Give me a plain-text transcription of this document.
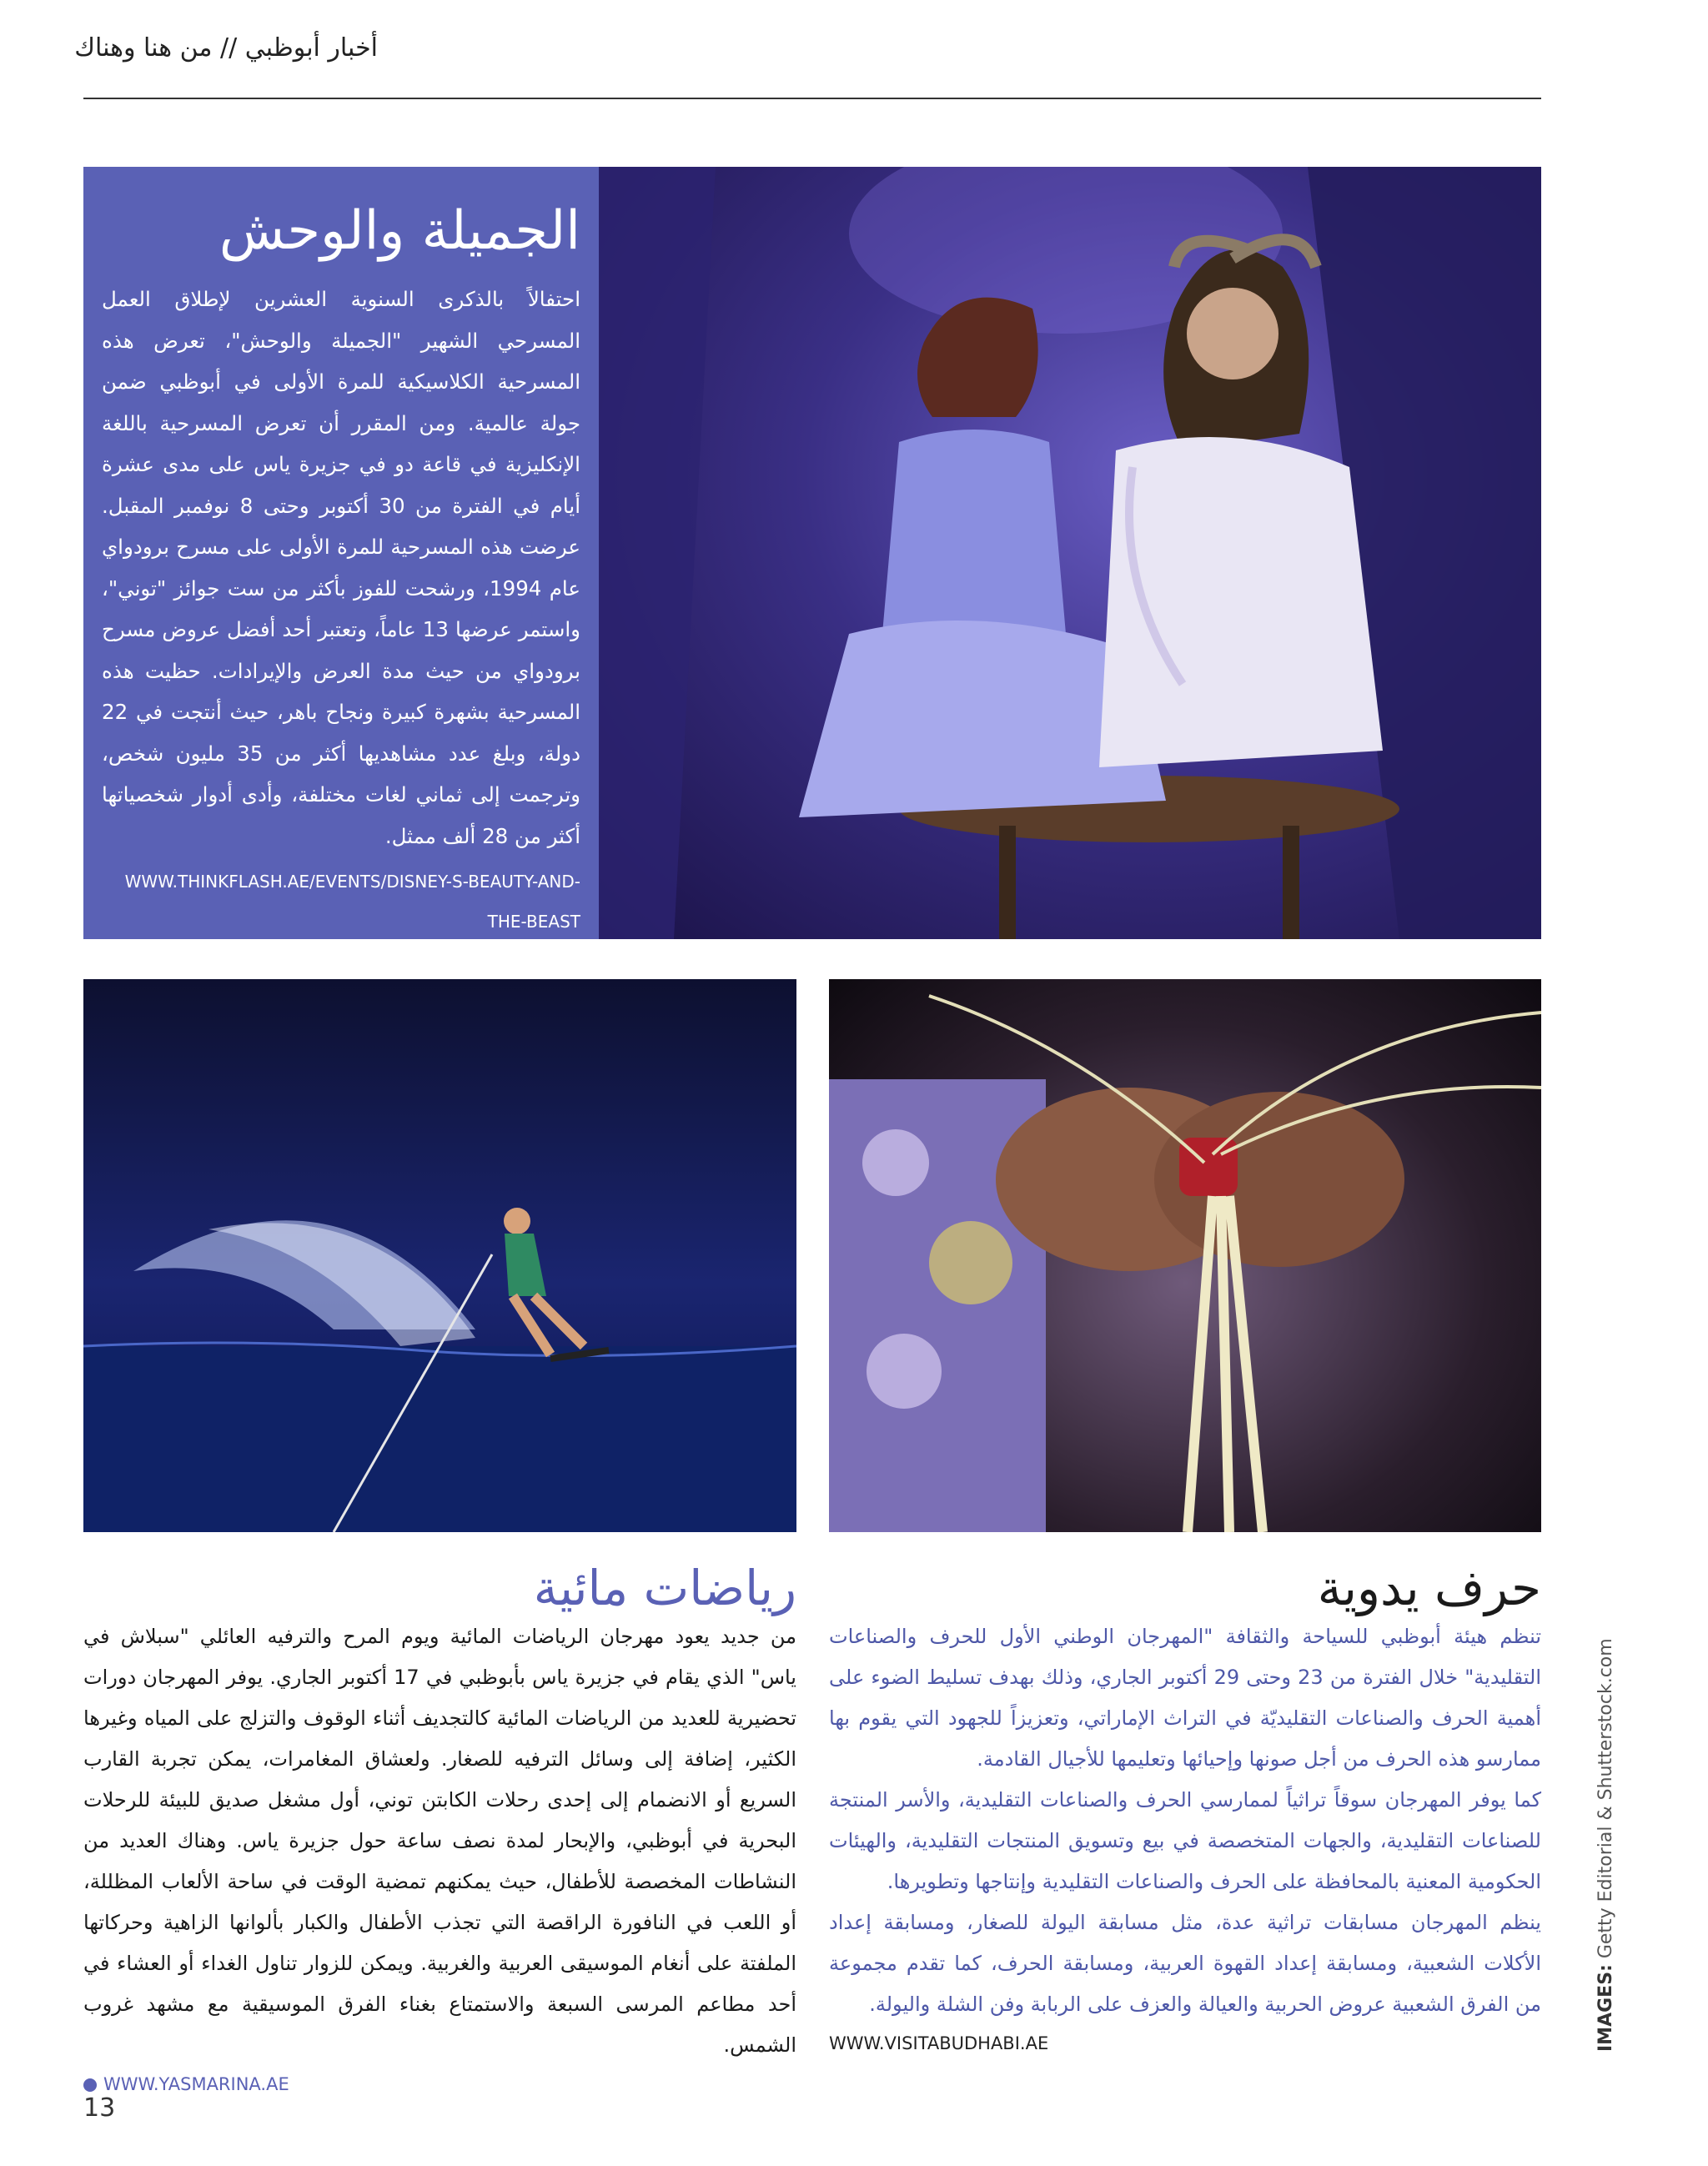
أخبار أبوظبي // من هنا وهناك
الجميلة والوحش

احتفالاً بالذكرى السنوية العشرين لإطلاق العمل المسرحي الشهير "الجميلة والوحش"، تعرض هذه المسرحية الكلاسيكية للمرة الأولى في أبوظبي ضمن جولة عالمية. ومن المقرر أن تعرض المسرحية باللغة الإنكليزية في قاعة دو في جزيرة ياس على مدى عشرة أيام في الفترة من 30 أكتوبر وحتى 8 نوفمبر المقبل. عرضت هذه المسرحية للمرة الأولى على مسرح برودواي عام 1994، ورشحت للفوز بأكثر من ست جوائز "توني"، واستمر عرضها 13 عاماً، وتعتبر أحد أفضل عروض مسرح برودواي من حيث مدة العرض والإيرادات. حظيت هذه المسرحية بشهرة كبيرة ونجاح باهر، حيث أنتجت في 22 دولة، وبلغ عدد مشاهديها أكثر من 35 مليون شخص، وترجمت إلى ثماني لغات مختلفة، وأدى أدوار شخصياتها أكثر من 28 ألف ممثل.

WWW.THINKFLASH.AE/EVENTS/DISNEY-S-BEAUTY-AND-THE-BEAST
رياضات مائية

من جديد يعود مهرجان الرياضات المائية ويوم المرح والترفيه العائلي "سبلاش في ياس" الذي يقام في جزيرة ياس بأبوظبي في 17 أكتوبر الجاري. يوفر المهرجان دورات تحضيرية للعديد من الرياضات المائية كالتجديف أثناء الوقوف والتزلج على المياه وغيرها الكثير، إضافة إلى وسائل الترفيه للصغار. ولعشاق المغامرات، يمكن تجربة القارب السريع أو الانضمام إلى إحدى رحلات الكابتن توني، أول مشغل صديق للبيئة للرحلات البحرية في أبوظبي، والإبحار لمدة نصف ساعة حول جزيرة ياس. وهناك العديد من النشاطات المخصصة للأطفال، حيث يمكنهم تمضية الوقت في ساحة الألعاب المظللة، أو اللعب في النافورة الراقصة التي تجذب الأطفال والكبار بألوانها الزاهية وحركاتها الملفتة على أنغام الموسيقى العربية والغربية. ويمكن للزوار تناول الغداء أو العشاء في أحد مطاعم المرسى السبعة والاستمتاع بغناء الفرق الموسيقية مع مشهد غروب الشمس.

WWW.YASMARINA.AE
حرف يدوية

تنظم هيئة أبوظبي للسياحة والثقافة "المهرجان الوطني الأول للحرف والصناعات التقليدية" خلال الفترة من 23 وحتى 29 أكتوبر الجاري، وذلك بهدف تسليط الضوء على أهمية الحرف والصناعات التقليديّة في التراث الإماراتي، وتعزيزاً للجهود التي يقوم بها ممارسو هذه الحرف من أجل صونها وإحيائها وتعليمها للأجيال القادمة.

كما يوفر المهرجان سوقاً تراثياً لممارسي الحرف والصناعات التقليدية، والأسر المنتجة للصناعات التقليدية، والجهات المتخصصة في بيع وتسويق المنتجات التقليدية، والهيئات الحكومية المعنية بالمحافظة على الحرف والصناعات التقليدية وإنتاجها وتطويرها.

ينظم المهرجان مسابقات تراثية عدة، مثل مسابقة اليولة للصغار، ومسابقة إعداد الأكلات الشعبية، ومسابقة إعداد القهوة العربية، ومسابقة الحرف، كما تقدم مجموعة من الفرق الشعبية عروض الحربية والعيالة والعزف على الربابة وفن الشلة واليولة.

WWW.VISITABUDHABI.AE	IMAGES: Getty Editorial & Shutterstock.com
13
